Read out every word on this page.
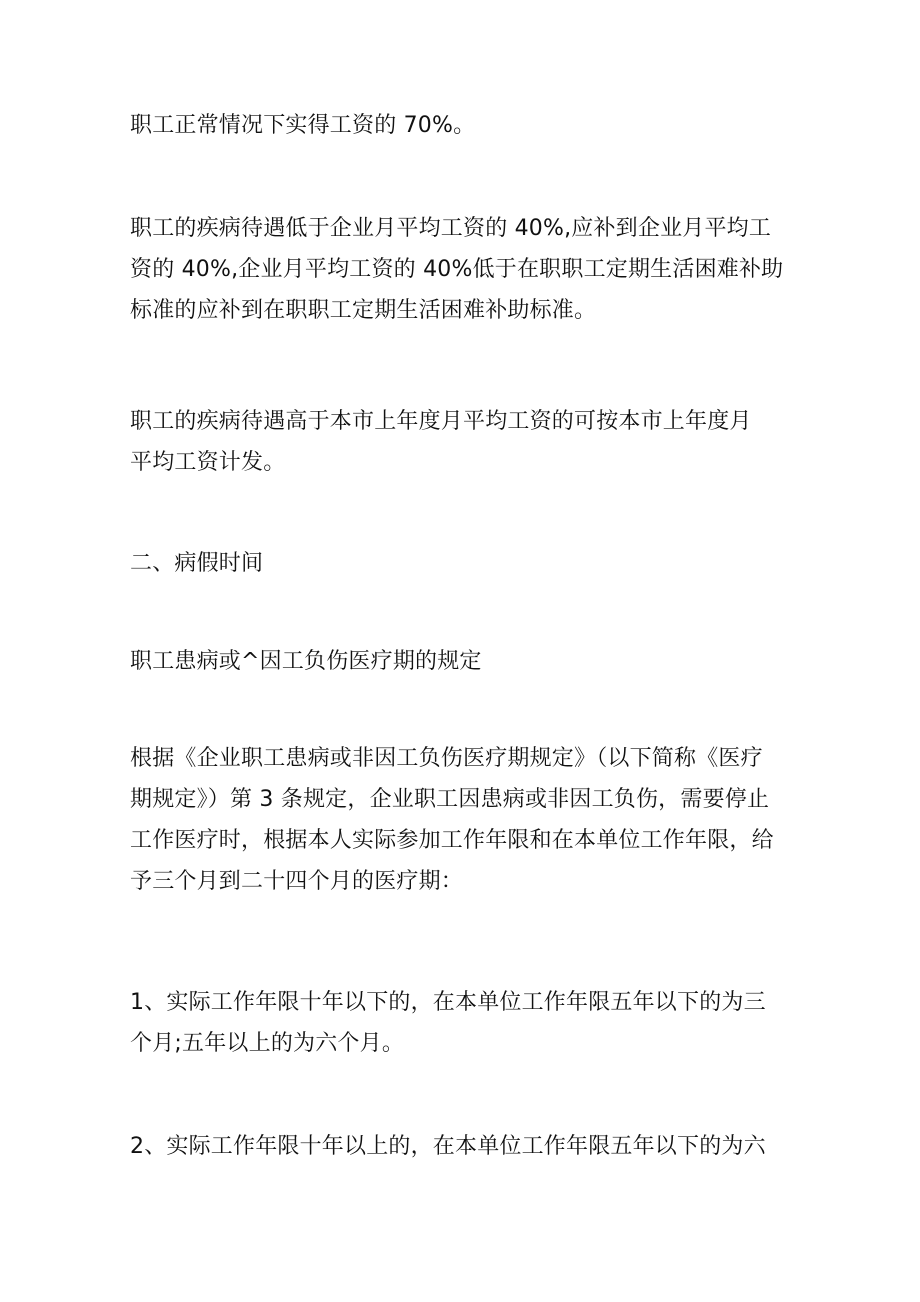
职工正常情况下实得工资的 70%。

职工的疾病待遇低于企业月平均工资的 40%,应补到企业月平均工
资的 40%,企业月平均工资的 40%低于在职职工定期生活困难补助
标准的应补到在职职工定期生活困难补助标准。

职工的疾病待遇高于本市上年度月平均工资的可按本市上年度月
平均工资计发。

二、病假时间

职工患病或^因工负伤医疗期的规定

根据《企业职工患病或非因工负伤医疗期规定》（以下简称《医疗
期规定》）第 3 条规定，企业职工因患病或非因工负伤，需要停止
工作医疗时，根据本人实际参加工作年限和在本单位工作年限，给
予三个月到二十四个月的医疗期：

1、实际工作年限十年以下的，在本单位工作年限五年以下的为三
个月;五年以上的为六个月。

2、实际工作年限十年以上的，在本单位工作年限五年以下的为六
